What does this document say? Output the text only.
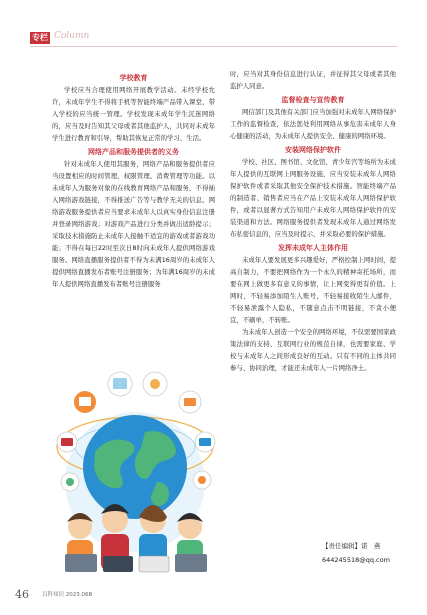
专栏 Column
学校教育

学校应当合理使用网络开展教学活动。未经学校允许，未成年学生不得将手机等智能终端产品带入课堂，带入学校的应当统一管理。学校发现未成年学生沉迷网络的，应当及时告知其父母或者其他监护人，共同对未成年学生进行教育和引导，帮助其恢复正常的学习、生活。

网络产品和服务提供者的义务

针对未成年人使用其服务，网络产品和服务提供者应当设置相应的时间管理、权限管理、消费管理等功能。以未成年人为服务对象的在线教育网络产品和服务，不得插入网络游戏链接，不得推送广告等与教学无关的信息。网络游戏服务提供者应当要求未成年人以真实身份信息注册并登录网络游戏；对游戏产品进行分类并做出适龄提示；采取技术措施防止未成年人接触不适宜的游戏或者游戏功能；不得在每日22时至次日8时向未成年人提供网络游戏服务。网络直播服务提供者不得为未满16周岁的未成年人提供网络直播发布者账号注册服务；为年满16周岁的未成年人提供网络直播发布者账号注册服务

时，应当对其身份信息进行认证，并征得其父母或者其他监护人同意。

监督检查与宣传教育

网信部门及其他有关部门应当加强对未成年人网络保护工作的监督检查，依法惩处利用网络从事危害未成年人身心健康的活动，为未成年人提供安全、健康的网络环境。

安装网络保护软件

学校、社区、图书馆、文化馆、青少年宫等场所为未成年人提供的互联网上网服务设施，应当安装未成年人网络保护软件或者采取其他安全保护技术措施。智能终端产品的制造者、销售者应当在产品上安装未成年人网络保护软件，或者以显著方式告知用户未成年人网络保护软件的安装渠道和方法。网络服务提供者发现未成年人通过网络发布私密信息的，应当及时提示，并采取必要的保护措施。

发挥未成年人主体作用

未成年人要发展更多兴趣爱好，严格控制上网时间，提高自制力，不要把网络作为一个永久的精神寄托场所，而要在网上做更多有意义的事情，让上网变得更有价值。上网时，不轻易添加陌生人账号，不轻易接收陌生人邮件，不轻易泄露个人隐私，不随意点击不明链接，不贪小便宜，不刷单，不转账。

为未成年人创造一个安全的网络环境，不仅需要国家政策法律的支持、互联网行业的规范自律，也需要家庭、学校与未成年人之间形成良好的互动。只有不同的主体共同参与、协同治理，才能还未成年人一片网络净土。

【责任编辑】诺　燕
644245518@qq.com
46 百科知识 2023.06B
